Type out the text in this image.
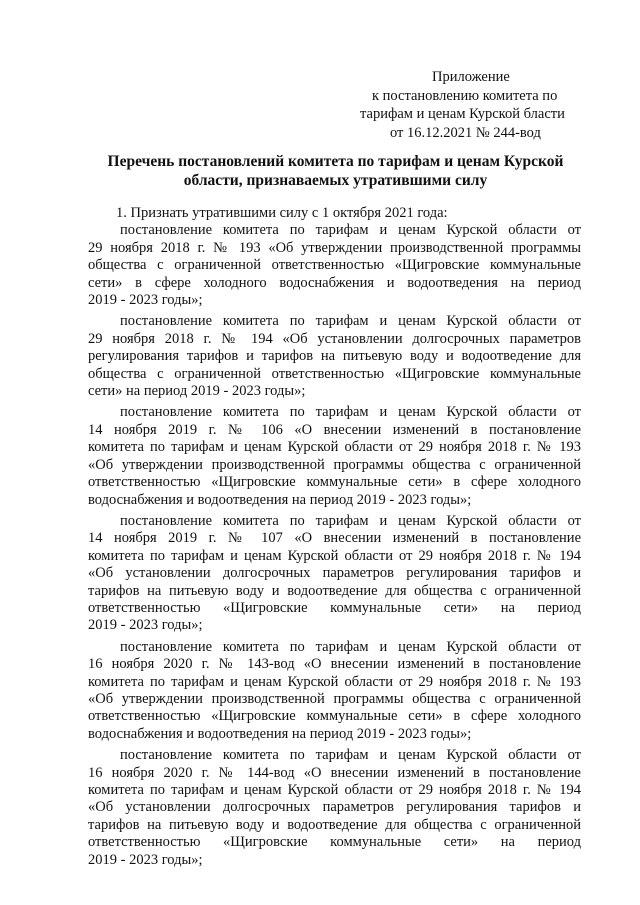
Приложение
к постановлению комитета по
тарифам и ценам Курской бласти
от 16.12.2021 № 244-вод
Перечень постановлений комитета по тарифам и ценам Курской
области, признаваемых утратившими силу
1. Признать утратившими силу с 1 октября 2021 года:
постановление комитета по тарифам и ценам Курской области от
29 ноября 2018 г. № 193 «Об утверждении производственной программы
общества с ограниченной ответственностью «Щигровские коммунальные
сети» в сфере холодного водоснабжения и водоотведения на период
2019 - 2023 годы»;
постановление комитета по тарифам и ценам Курской области от
29 ноября 2018 г. № 194 «Об установлении долгосрочных параметров
регулирования тарифов и тарифов на питьевую воду и водоотведение для
общества с ограниченной ответственностью «Щигровские коммунальные
сети» на период 2019 - 2023 годы»;
постановление комитета по тарифам и ценам Курской области от
14 ноября 2019 г. № 106 «О внесении изменений в постановление
комитета по тарифам и ценам Курской области от 29 ноября 2018 г. № 193
«Об утверждении производственной программы общества с ограниченной
ответственностью «Щигровские коммунальные сети» в сфере холодного
водоснабжения и водоотведения на период 2019 - 2023 годы»;
постановление комитета по тарифам и ценам Курской области от
14 ноября 2019 г. № 107 «О внесении изменений в постановление
комитета по тарифам и ценам Курской области от 29 ноября 2018 г. № 194
«Об установлении долгосрочных параметров регулирования тарифов и
тарифов на питьевую воду и водоотведение для общества с ограниченной
ответственностью «Щигровские коммунальные сети» на период
2019 - 2023 годы»;
постановление комитета по тарифам и ценам Курской области от
16 ноября 2020 г. № 143-вод «О внесении изменений в постановление
комитета по тарифам и ценам Курской области от 29 ноября 2018 г. № 193
«Об утверждении производственной программы общества с ограниченной
ответственностью «Щигровские коммунальные сети» в сфере холодного
водоснабжения и водоотведения на период 2019 - 2023 годы»;
постановление комитета по тарифам и ценам Курской области от
16 ноября 2020 г. № 144-вод «О внесении изменений в постановление
комитета по тарифам и ценам Курской области от 29 ноября 2018 г. № 194
«Об установлении долгосрочных параметров регулирования тарифов и
тарифов на питьевую воду и водоотведение для общества с ограниченной
ответственностью «Щигровские коммунальные сети» на период
2019 - 2023 годы»;
